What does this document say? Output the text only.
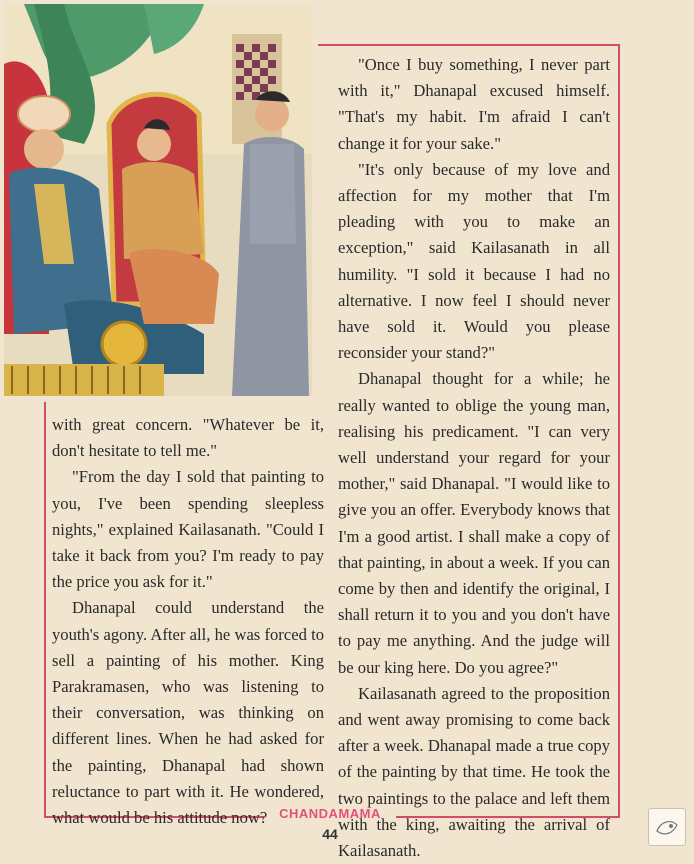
with great concern. "Whatever be it, don't hesitate to tell me."

"From the day I sold that painting to you, I've been spending sleepless nights," explained Kailasanath. "Could I take it back from you? I'm ready to pay the price you ask for it."

Dhanapal could understand the youth's agony. After all, he was forced to sell a painting of his mother. King Parakramasen, who was listening to their conversation, was thinking on different lines. When he had asked for the painting, Dhanapal had shown reluctance to part with it. He wondered, what would be his attitude now?

"Once I buy something, I never part with it," Dhanapal excused himself. "That's my habit. I'm afraid I can't change it for your sake."

"It's only because of my love and affection for my mother that I'm pleading with you to make an exception," said Kailasanath in all humility. "I sold it because I had no alternative. I now feel I should never have sold it. Would you please reconsider your stand?"

Dhanapal thought for a while; he really wanted to oblige the young man, realising his predicament. "I can very well understand your regard for your mother," said Dhanapal. "I would like to give you an offer. Everybody knows that I'm a good artist. I shall make a copy of that painting, in about a week. If you can come by then and identify the original, I shall return it to you and you don't have to pay me anything. And the judge will be our king here. Do you agree?"

Kailasanath agreed to the proposition and went away promising to come back after a week. Dhanapal made a true copy of the painting by that time. He took the two paintings to the palace and left them with the king, awaiting the arrival of Kailasanath.

CHANDAMAMA
44
